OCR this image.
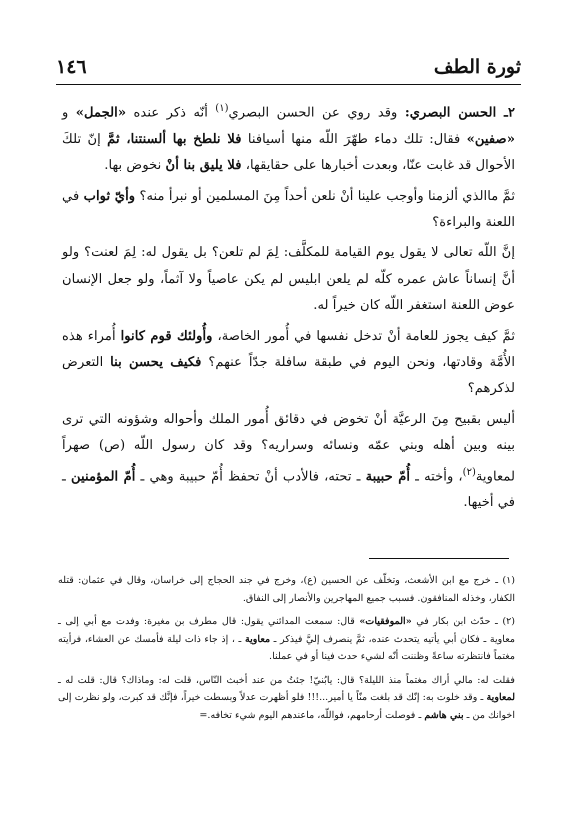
١٤٦	ثورة الطف

٢ـ الحسن البصري: وقد روي عن الحسن البصري$^{(١)}$ أنّه ذكر عنده «الجمل» و «صفين» فقال: تلك دماء طهّرَ اللّه منها أسيافنا فلا نلطخ بها ألسنتنا، ثمَّ إنّ تلكَ الأحوال قد غابت عنّا، وبعدت أخبارها على حقايقها، فلا يليق بنا أنْ نخوض بها.

ثمَّ ماالذي ألزمنا وأوجب علينا أنْ نلعن أحداً مِنَ المسلمين أو نبرأ منه؟ وأيّ ثواب في اللعنة والبراءة؟

إنَّ اللّه تعالى لا يقول يوم القيامة للمكلَّف: لِمَ لم تلعن؟ بل يقول له: لِمَ لعنت؟ ولو أنَّ إنساناً عاش عمره كلّه لم يلعن ابليس لم يكن عاصياً ولا آثماً، ولو جعل الإنسان عوض اللعنة استغفر اللّه كان خيراً له.

ثمَّ كيف يجوز للعامة أنْ تدخل نفسها في أُمور الخاصة، وأُولئك قوم كانوا أُمراء هذه الأُمَّة وقادتها، ونحن اليوم في طبقة سافلة جدّاً عنهم؟ فكيف يحسن بنا التعرض لذكرهم؟

أليس بقبيح مِنَ الرعيَّة أنْ تخوض في دقائق أُمور الملك وأحواله وشؤونه التي ترى بينه وبين أهله وبني عمّه ونسائه وسراريه؟ وقد كان رسول اللّه (ص) صهراً لمعاوية$^{(٢)}$، وأخته ـ أُمّ حبيبة ـ تحته، فالأدب أنْ تحفظ أُمّ حبيبة وهي ـ أُمّ المؤمنين ـ في أخيها.

(١) ـ خرج مع ابن الأشعث، وتخلّف عن الحسين (ع)، وخرج في جند الحجاج إلى خراسان، وقال في عثمان: قتله الكفار، وخذله المنافقون. فسبب جميع المهاجرين والأنصار إلى النفاق.

(٢) ـ حدّث ابن بكار في «الموفقيات» قال: سمعت المدائني يقول: قال مطرف بن مغيرة: وفدت مع أبي إلى ـ معاوية ـ فكان أبي يأتيه يتحدث عنده، ثمَّ ينصرف إليَّ فيذكر ـ معاوية ـ ، إذ جاء ذات ليلة فأمسك عن العشاء، فرأيته مغتماً فانتظرته ساعةً وظننت أنّه لشيء حدث فينا أو في عملنا.

فقلت له: مالي أراك مغتماً منذ الليلة؟ قال: يابُنيّ! جئتُ من عند أخبث النّاس، قلت له: وماذاك؟ قال: قلت له ـ لمعاوية ـ وقد خلوت به: إنّك قد بلغت منّاً يا أمير...!!! فلو أظهرت عدلاً وبسطت خيراً، فإنَّك قد كبرت، ولو نظرت إلى اخوانك من ـ بني هاشم ـ فوصلت أرحامهم، فواللّه، ماعندهم اليوم شيء تخافه.=
